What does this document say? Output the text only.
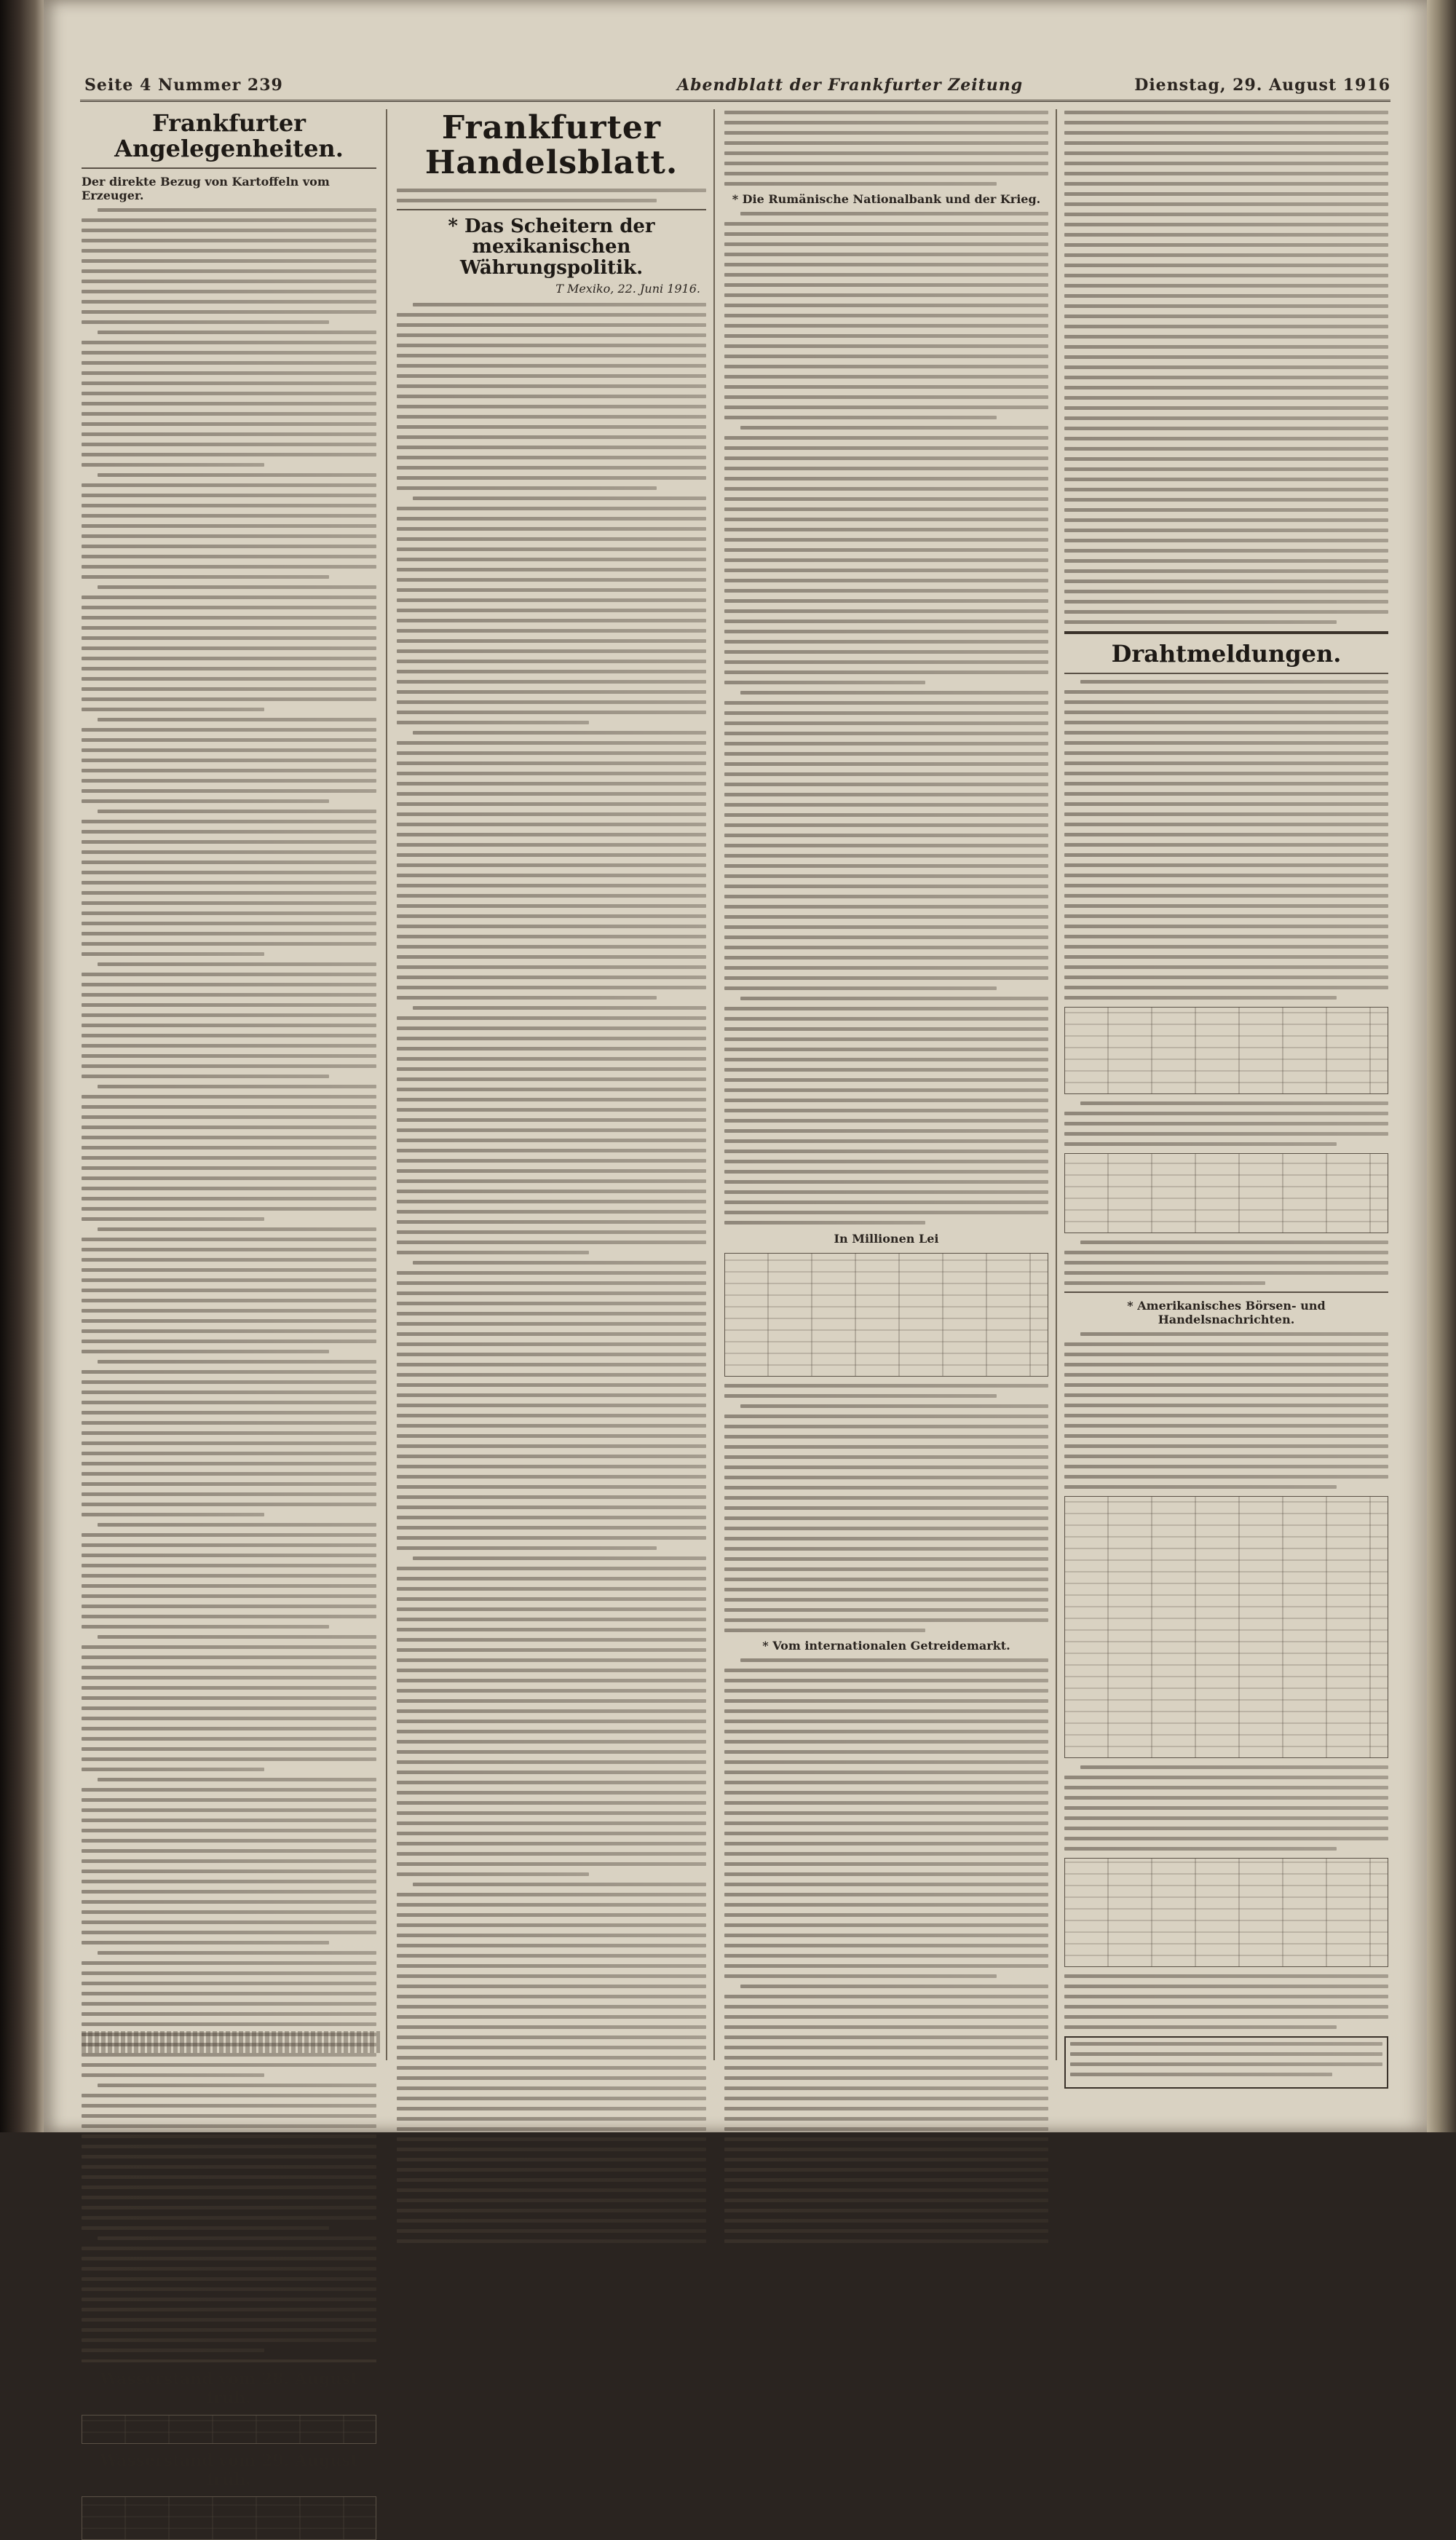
Seite 4 Nummer 239	Abendblatt der Frankfurter Zeitung	Dienstag, 29. August 1916
Frankfurter Angelegenheiten.
Der direkte Bezug von Kartoffeln vom Erzeuger.
Wasserstand vom 28. August früh.
Wasserstand vom 29. August früh.
Frankfurter Handelsblatt.
* Das Scheitern der mexikanischen Währungspolitik.
T Mexiko, 22. Juni 1916.
* Die Rumänische Nationalbank und der Krieg.
In Millionen Lei
* Vom internationalen Getreidemarkt.
Drahtmeldungen.
* Amerikanisches Börsen- und Handelsnachrichten.
